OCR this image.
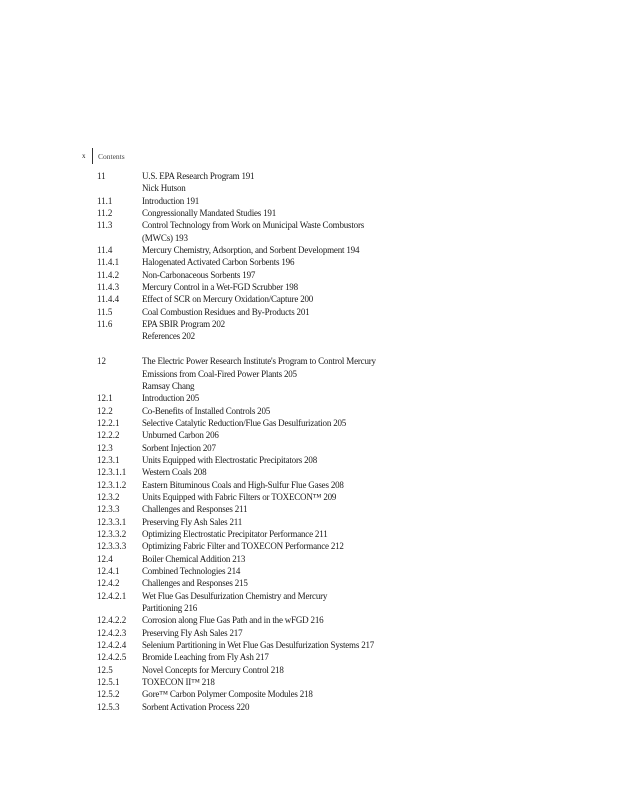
x	Contents
11	U.S. EPA Research Program 191
Nick Hutson
11.1	Introduction 191
11.2	Congressionally Mandated Studies 191
11.3	Control Technology from Work on Municipal Waste Combustors
(MWCs) 193
11.4	Mercury Chemistry, Adsorption, and Sorbent Development 194
11.4.1	Halogenated Activated Carbon Sorbents 196
11.4.2	Non-Carbonaceous Sorbents 197
11.4.3	Mercury Control in a Wet-FGD Scrubber 198
11.4.4	Effect of SCR on Mercury Oxidation/Capture 200
11.5	Coal Combustion Residues and By-Products 201
11.6	EPA SBIR Program 202
References 202
12	The Electric Power Research Institute's Program to Control Mercury
Emissions from Coal-Fired Power Plants 205
Ramsay Chang
12.1	Introduction 205
12.2	Co-Benefits of Installed Controls 205
12.2.1	Selective Catalytic Reduction/Flue Gas Desulfurization 205
12.2.2	Unburned Carbon 206
12.3	Sorbent Injection 207
12.3.1	Units Equipped with Electrostatic Precipitators 208
12.3.1.1 Western Coals 208
12.3.1.2 Eastern Bituminous Coals and High-Sulfur Flue Gases 208
12.3.2	Units Equipped with Fabric Filters or TOXECON™ 209
12.3.3	Challenges and Responses 211
12.3.3.1 Preserving Fly Ash Sales 211
12.3.3.2 Optimizing Electrostatic Precipitator Performance 211
12.3.3.3 Optimizing Fabric Filter and TOXECON Performance 212
12.4	Boiler Chemical Addition 213
12.4.1	Combined Technologies 214
12.4.2	Challenges and Responses 215
12.4.2.1 Wet Flue Gas Desulfurization Chemistry and Mercury
Partitioning 216
12.4.2.2 Corrosion along Flue Gas Path and in the wFGD 216
12.4.2.3 Preserving Fly Ash Sales 217
12.4.2.4 Selenium Partitioning in Wet Flue Gas Desulfurization Systems 217
12.4.2.5 Bromide Leaching from Fly Ash 217
12.5	Novel Concepts for Mercury Control 218
12.5.1	TOXECON II™ 218
12.5.2	Gore™ Carbon Polymer Composite Modules 218
12.5.3	Sorbent Activation Process 220
